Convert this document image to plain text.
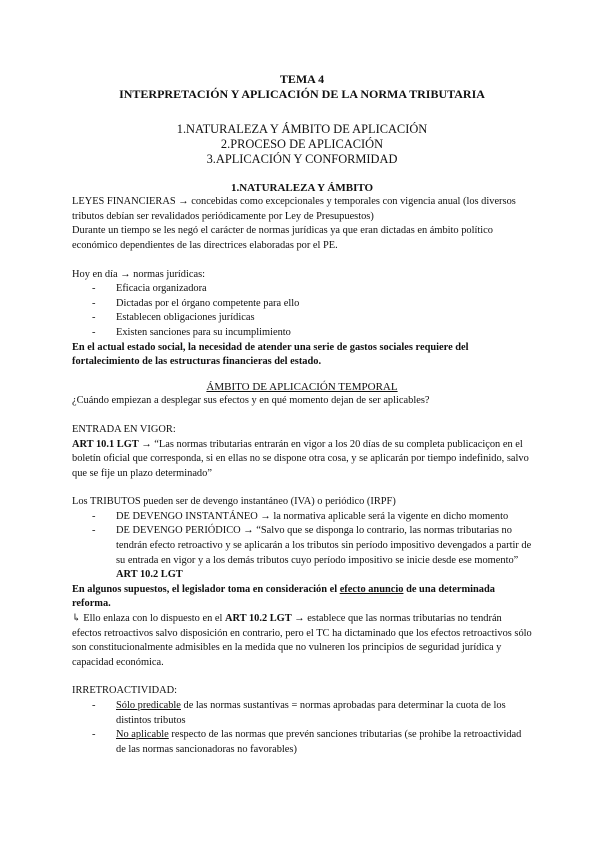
TEMA 4
INTERPRETACIÓN Y APLICACIÓN DE LA NORMA TRIBUTARIA
1.NATURALEZA Y ÁMBITO DE APLICACIÓN
2.PROCESO DE APLICACIÓN
3.APLICACIÓN Y CONFORMIDAD
1.NATURALEZA Y ÁMBITO

LEYES FINANCIERAS → concebidas como excepcionales y temporales con vigencia anual (los diversos tributos debían ser revalidados periódicamente por Ley de Presupuestos)

Durante un tiempo se les negó el carácter de normas jurídicas ya que eran dictadas en ámbito político económico dependientes de las directrices elaboradas por el PE.

Hoy en día → normas jurídicas:

- Eficacia organizadora
- Dictadas por el órgano competente para ello
- Establecen obligaciones jurídicas
- Existen sanciones para su incumplimiento

En el actual estado social, la necesidad de atender una serie de gastos sociales requiere del fortalecimiento de las estructuras financieras del estado.

ÁMBITO DE APLICACIÓN TEMPORAL

¿Cuándo empiezan a desplegar sus efectos y en qué momento dejan de ser aplicables?

ENTRADA EN VIGOR:

ART 10.1 LGT → “Las normas tributarias entrarán en vigor a los 20 días de su completa publicaciçon en el boletín oficial que corresponda, si en ellas no se dispone otra cosa, y se aplicarán por tiempo indefinido, salvo que se fije un plazo determinado”

Los TRIBUTOS pueden ser de devengo instantáneo (IVA) o periódico (IRPF)

- DE DEVENGO INSTANTÁNEO → la normativa aplicable será la vigente en dicho momento
- DE DEVENGO PERIÓDICO → “Salvo que se disponga lo contrario, las normas tributarias no tendrán efecto retroactivo y se aplicarán a los tributos sin período impositivo devengados a partir de su entrada en vigor y a los demás tributos cuyo período impositivo se inicie desde ese momento” ART 10.2 LGT

En algunos supuestos, el legislador toma en consideración el efecto anuncio de una determinada reforma.

↳ Ello enlaza con lo dispuesto en el ART 10.2 LGT → establece que las normas tributarias no tendrán efectos retroactivos salvo disposición en contrario, pero el TC ha dictaminado que los efectos retroactivos sólo son constitucionalmente admisibles en la medida que no vulneren los principios de seguridad jurídica y capacidad económica.

IRRETROACTIVIDAD:

- Sólo predicable de las normas sustantivas = normas aprobadas para determinar la cuota de los distintos tributos
- No aplicable respecto de las normas que prevén sanciones tributarias (se prohibe la retroactividad de las normas sancionadoras no favorables)
